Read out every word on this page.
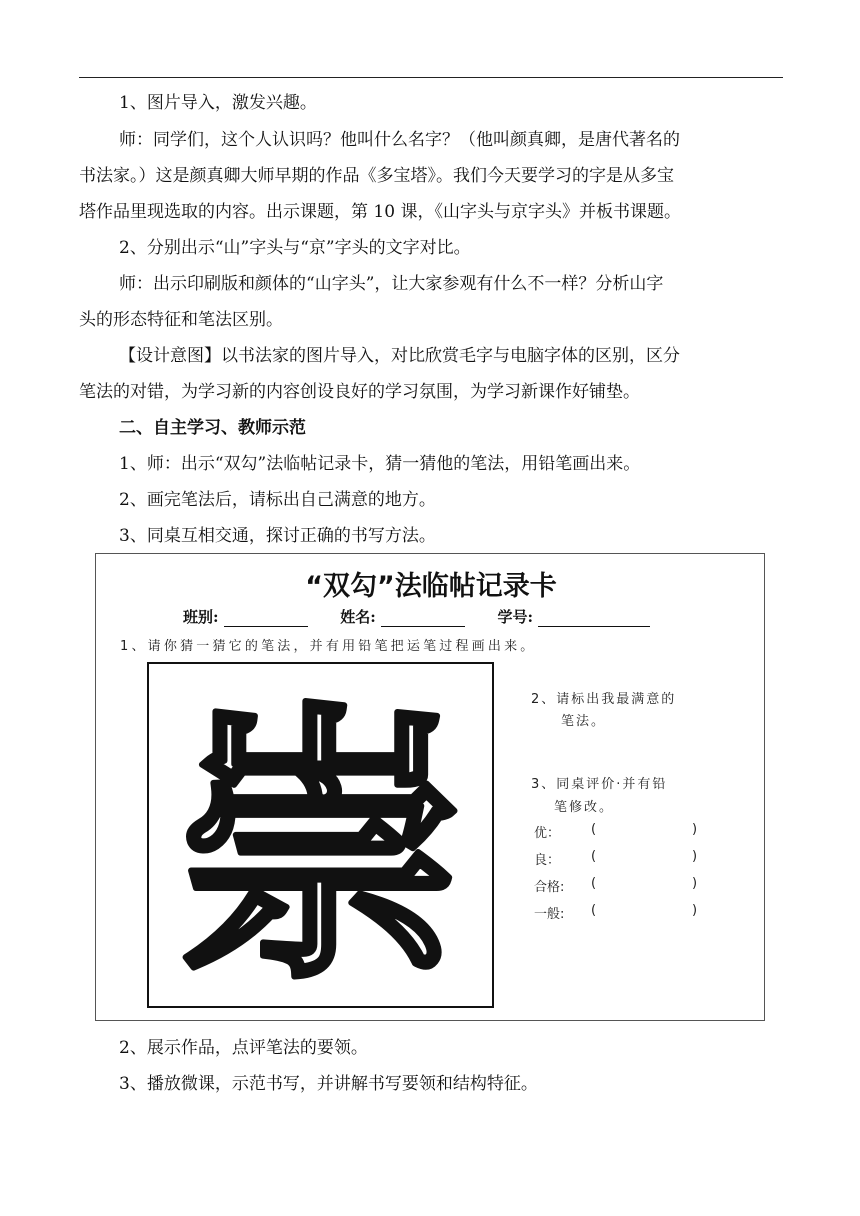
1、图片导入，激发兴趣。
师：同学们，这个人认识吗？他叫什么名字？（他叫颜真卿，是唐代著名的
书法家。）这是颜真卿大师早期的作品《多宝塔》。我们今天要学习的字是从多宝
塔作品里现选取的内容。出示课题，第 10 课，《山字头与京字头》并板书课题。
2、分别出示“山”字头与“京”字头的文字对比。
师：出示印刷版和颜体的“山字头”，让大家参观有什么不一样？分析山字
头的形态特征和笔法区别。
【设计意图】以书法家的图片导入，对比欣赏毛字与电脑字体的区别，区分
笔法的对错，为学习新的内容创设良好的学习氛围，为学习新课作好铺垫。
二、自主学习、教师示范
1、师：出示“双勾”法临帖记录卡，猜一猜他的笔法，用铅笔画出来。
2、画完笔法后，请标出自己满意的地方。
3、同桌互相交通，探讨正确的书写方法。
“双勾”法临帖记录卡
班别:	姓名:	学号:
1、请你猜一猜它的笔法，并有用铅笔把运笔过程画出来。
崇	2、请标出我最满意的
笔法。
3、同桌评价·并有铅
笔修改。
优： (	)
良： (	)
合格: (	)
一般: (	)
2、展示作品，点评笔法的要领。
3、播放微课，示范书写，并讲解书写要领和结构特征。
